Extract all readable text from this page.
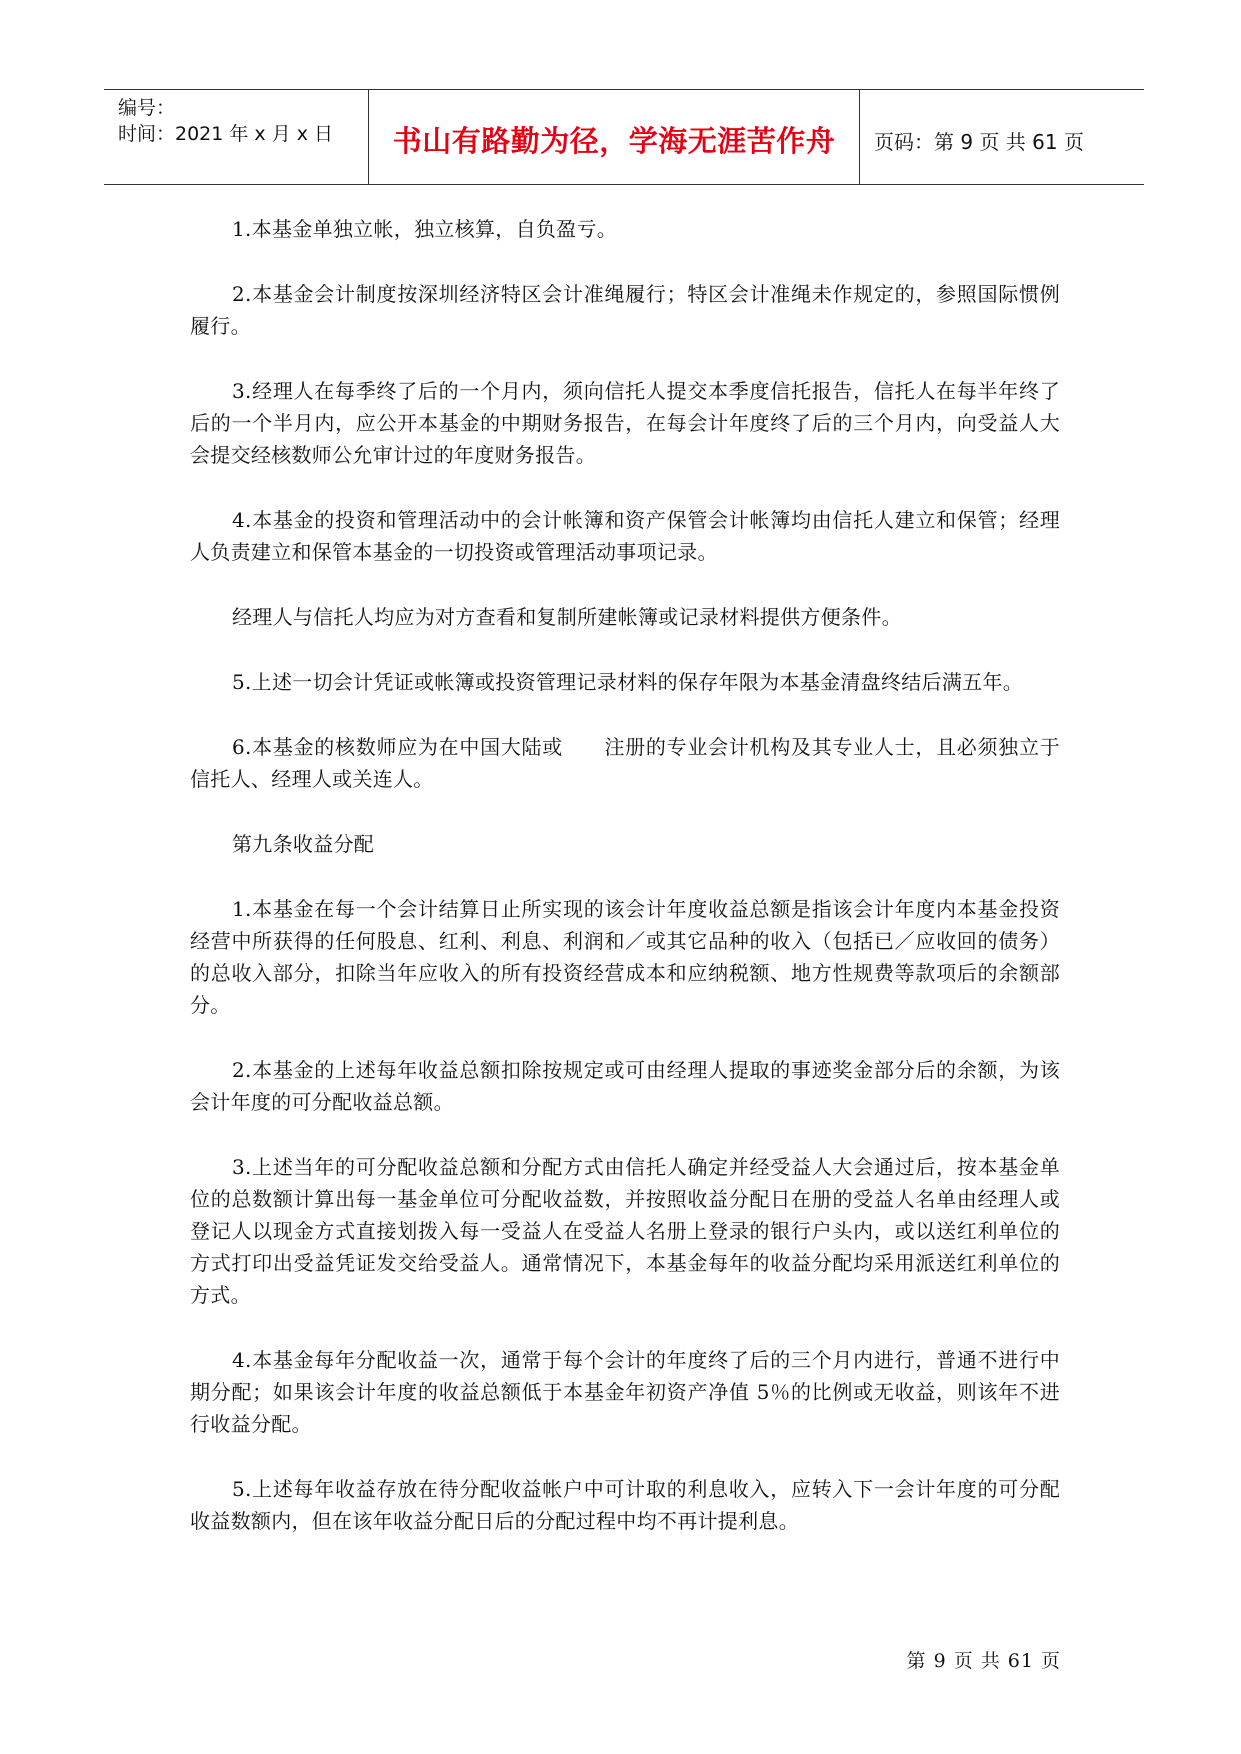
编号：
时间：2021 年 x 月 x 日	书山有路勤为径，学海无涯苦作舟	页码：第 9 页 共 61 页

1.本基金单独立帐，独立核算，自负盈亏。

2.本基金会计制度按深圳经济特区会计准绳履行；特区会计准绳未作规定的，参照国际惯例履行。

3.经理人在每季终了后的一个月内，须向信托人提交本季度信托报告，信托人在每半年终了后的一个半月内，应公开本基金的中期财务报告，在每会计年度终了后的三个月内，向受益人大会提交经核数师公允审计过的年度财务报告。

4.本基金的投资和管理活动中的会计帐簿和资产保管会计帐簿均由信托人建立和保管；经理人负责建立和保管本基金的一切投资或管理活动事项记录。

经理人与信托人均应为对方查看和复制所建帐簿或记录材料提供方便条件。

5.上述一切会计凭证或帐簿或投资管理记录材料的保存年限为本基金清盘终结后满五年。

6.本基金的核数师应为在中国大陆或　　注册的专业会计机构及其专业人士，且必须独立于信托人、经理人或关连人。

第九条收益分配

1.本基金在每一个会计结算日止所实现的该会计年度收益总额是指该会计年度内本基金投资经营中所获得的任何股息、红利、利息、利润和／或其它品种的收入（包括已／应收回的债务）的总收入部分，扣除当年应收入的所有投资经营成本和应纳税额、地方性规费等款项后的余额部分。

2.本基金的上述每年收益总额扣除按规定或可由经理人提取的事迹奖金部分后的余额，为该会计年度的可分配收益总额。

3.上述当年的可分配收益总额和分配方式由信托人确定并经受益人大会通过后，按本基金单位的总数额计算出每一基金单位可分配收益数，并按照收益分配日在册的受益人名单由经理人或登记人以现金方式直接划拨入每一受益人在受益人名册上登录的银行户头内，或以送红利单位的方式打印出受益凭证发交给受益人。通常情况下，本基金每年的收益分配均采用派送红利单位的方式。

4.本基金每年分配收益一次，通常于每个会计的年度终了后的三个月内进行，普通不进行中期分配；如果该会计年度的收益总额低于本基金年初资产净值 5％的比例或无收益，则该年不进行收益分配。

5.上述每年收益存放在待分配收益帐户中可计取的利息收入，应转入下一会计年度的可分配收益数额内，但在该年收益分配日后的分配过程中均不再计提利息。

第 9 页 共 61 页
